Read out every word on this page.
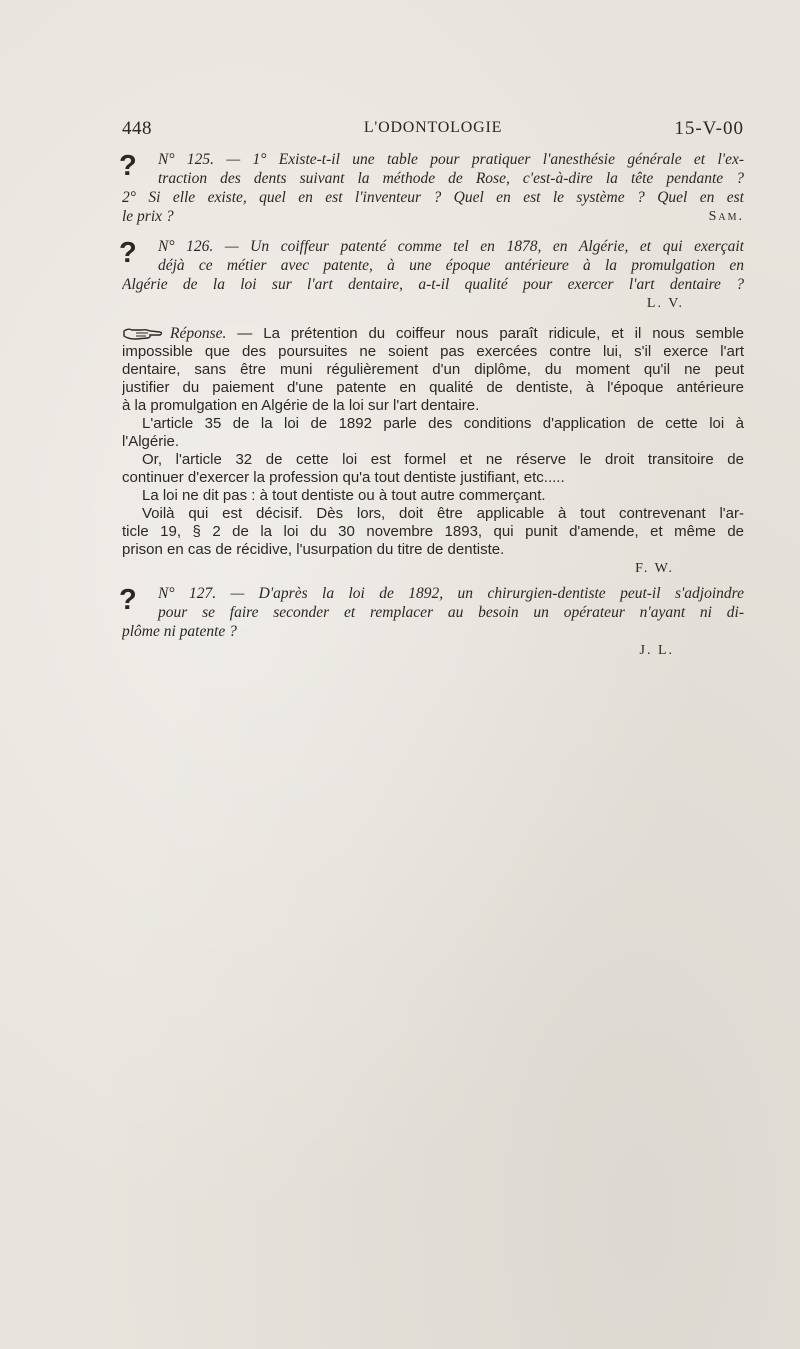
448	L'ODONTOLOGIE	15-V-00
?	N° 125. — 1° Existe-t-il une table pour pratiquer l'anesthésie générale et l'ex-
traction des dents suivant la méthode de Rose, c'est-à-dire la tête pendante ?
2° Si elle existe, quel en est l'inventeur ? Quel en est le système ? Quel en est
le prix ?	Sam.
?	N° 126. — Un coiffeur patenté comme tel en 1878, en Algérie, et qui exerçait
déjà ce métier avec patente, à une époque antérieure à la promulgation en
Algérie de la loi sur l'art dentaire, a-t-il qualité pour exercer l'art dentaire ?
L. V.
Réponse. — La prétention du coiffeur nous paraît ridicule, et il nous semble
impossible que des poursuites ne soient pas exercées contre lui, s'il exerce l'art
dentaire, sans être muni régulièrement d'un diplôme, du moment qu'il ne peut
justifier du paiement d'une patente en qualité de dentiste, à l'époque antérieure
à la promulgation en Algérie de la loi sur l'art dentaire.
L'article 35 de la loi de 1892 parle des conditions d'application de cette loi à
l'Algérie.
Or, l'article 32 de cette loi est formel et ne réserve le droit transitoire de
continuer d'exercer la profession qu'a tout dentiste justifiant, etc.....
La loi ne dit pas : à tout dentiste ou à tout autre commerçant.
Voilà qui est décisif. Dès lors, doit être applicable à tout contrevenant l'ar-
ticle 19, § 2 de la loi du 30 novembre 1893, qui punit d'amende, et même de
prison en cas de récidive, l'usurpation du titre de dentiste.
F. W.
?	N° 127. — D'après la loi de 1892, un chirurgien-dentiste peut-il s'adjoindre
pour se faire seconder et remplacer au besoin un opérateur n'ayant ni di-
plôme ni patente ?
J. L.
